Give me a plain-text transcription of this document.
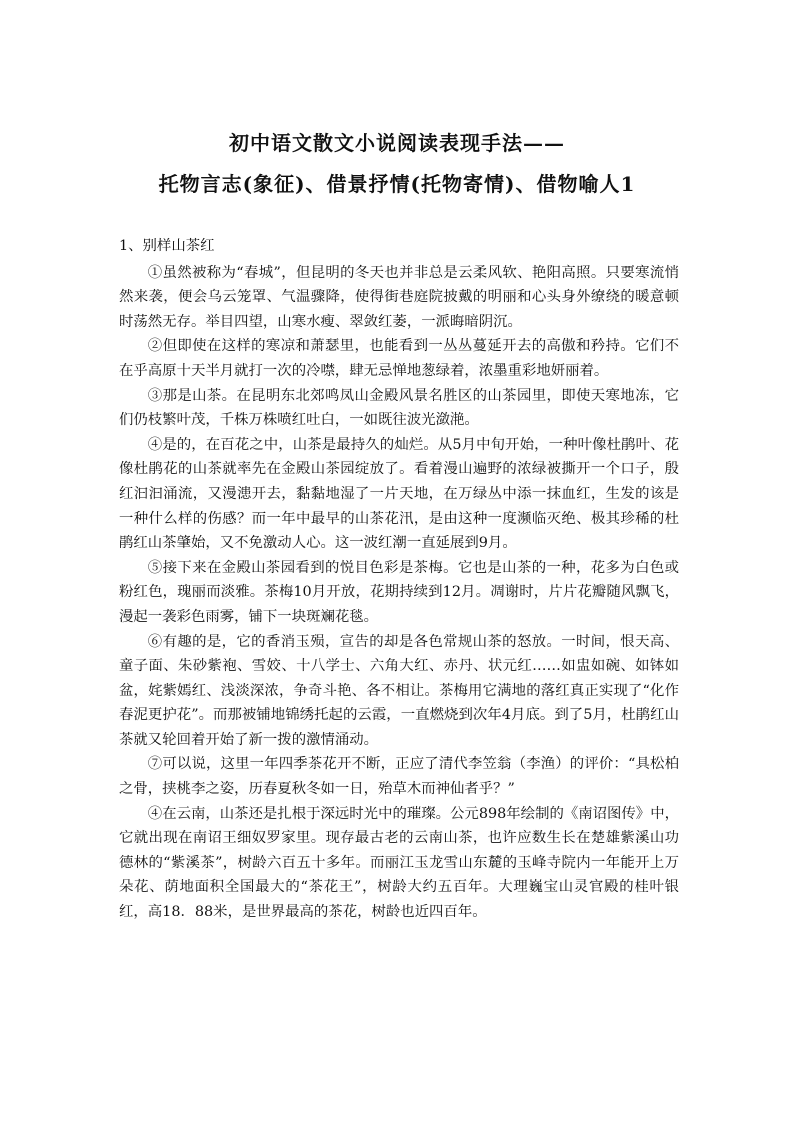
初中语文散文小说阅读表现手法——
托物言志(象征)、借景抒情(托物寄情)、借物喻人1

1、别样山茶红

①虽然被称为“春城”，但昆明的冬天也并非总是云柔风软、艳阳高照。只要寒流悄然来袭，便会乌云笼罩、气温骤降，使得街巷庭院披戴的明丽和心头身外缭绕的暖意顿时荡然无存。举目四望，山寒水瘦、翠敛红萎，一派晦暗阴沉。

②但即使在这样的寒凉和萧瑟里，也能看到一丛丛蔓延开去的高傲和矜持。它们不在乎高原十天半月就打一次的冷噤，肆无忌惮地葱绿着，浓墨重彩地妍丽着。

③那是山茶。在昆明东北郊鸣凤山金殿风景名胜区的山茶园里，即使天寒地冻，它们仍枝繁叶茂，千株万株喷红吐白，一如既往波光潋滟。

④是的，在百花之中，山茶是最持久的灿烂。从5月中旬开始，一种叶像杜鹃叶、花像杜鹃花的山茶就率先在金殿山茶园绽放了。看着漫山遍野的浓绿被撕开一个口子，殷红汩汩涌流，又漫漶开去，黏黏地湿了一片天地，在万绿丛中添一抹血红，生发的该是一种什么样的伤感？而一年中最早的山茶花汛，是由这种一度濒临灭绝、极其珍稀的杜鹃红山茶肇始，又不免激动人心。这一波红潮一直延展到9月。

⑤接下来在金殿山茶园看到的悦目色彩是茶梅。它也是山茶的一种，花多为白色或粉红色，瑰丽而淡雅。茶梅10月开放，花期持续到12月。凋谢时，片片花瓣随风飘飞，漫起一袭彩色雨雾，铺下一块斑斓花毯。

⑥有趣的是，它的香消玉殒，宣告的却是各色常规山茶的怒放。一时间，恨天高、童子面、朱砂紫袍、雪姣、十八学士、六角大红、赤丹、状元红……如盅如碗、如钵如盆，姹紫嫣红、浅淡深浓，争奇斗艳、各不相让。茶梅用它满地的落红真正实现了“化作春泥更护花”。而那被铺地锦绣托起的云霞，一直燃烧到次年4月底。到了5月，杜鹃红山茶就又轮回着开始了新一拨的激情涌动。

⑦可以说，这里一年四季茶花开不断，正应了清代李笠翁（李渔）的评价：“具松柏之骨，挟桃李之姿，历春夏秋冬如一日，殆草木而神仙者乎？”

④在云南，山茶还是扎根于深远时光中的璀璨。公元898年绘制的《南诏图传》中，它就出现在南诏王细奴罗家里。现存最古老的云南山茶，也许应数生长在楚雄紫溪山功德林的“紫溪茶”，树龄六百五十多年。而丽江玉龙雪山东麓的玉峰寺院内一年能开上万朵花、荫地面积全国最大的“茶花王”，树龄大约五百年。大理巍宝山灵官殿的桂叶银红，高18．88米，是世界最高的茶花，树龄也近四百年。
